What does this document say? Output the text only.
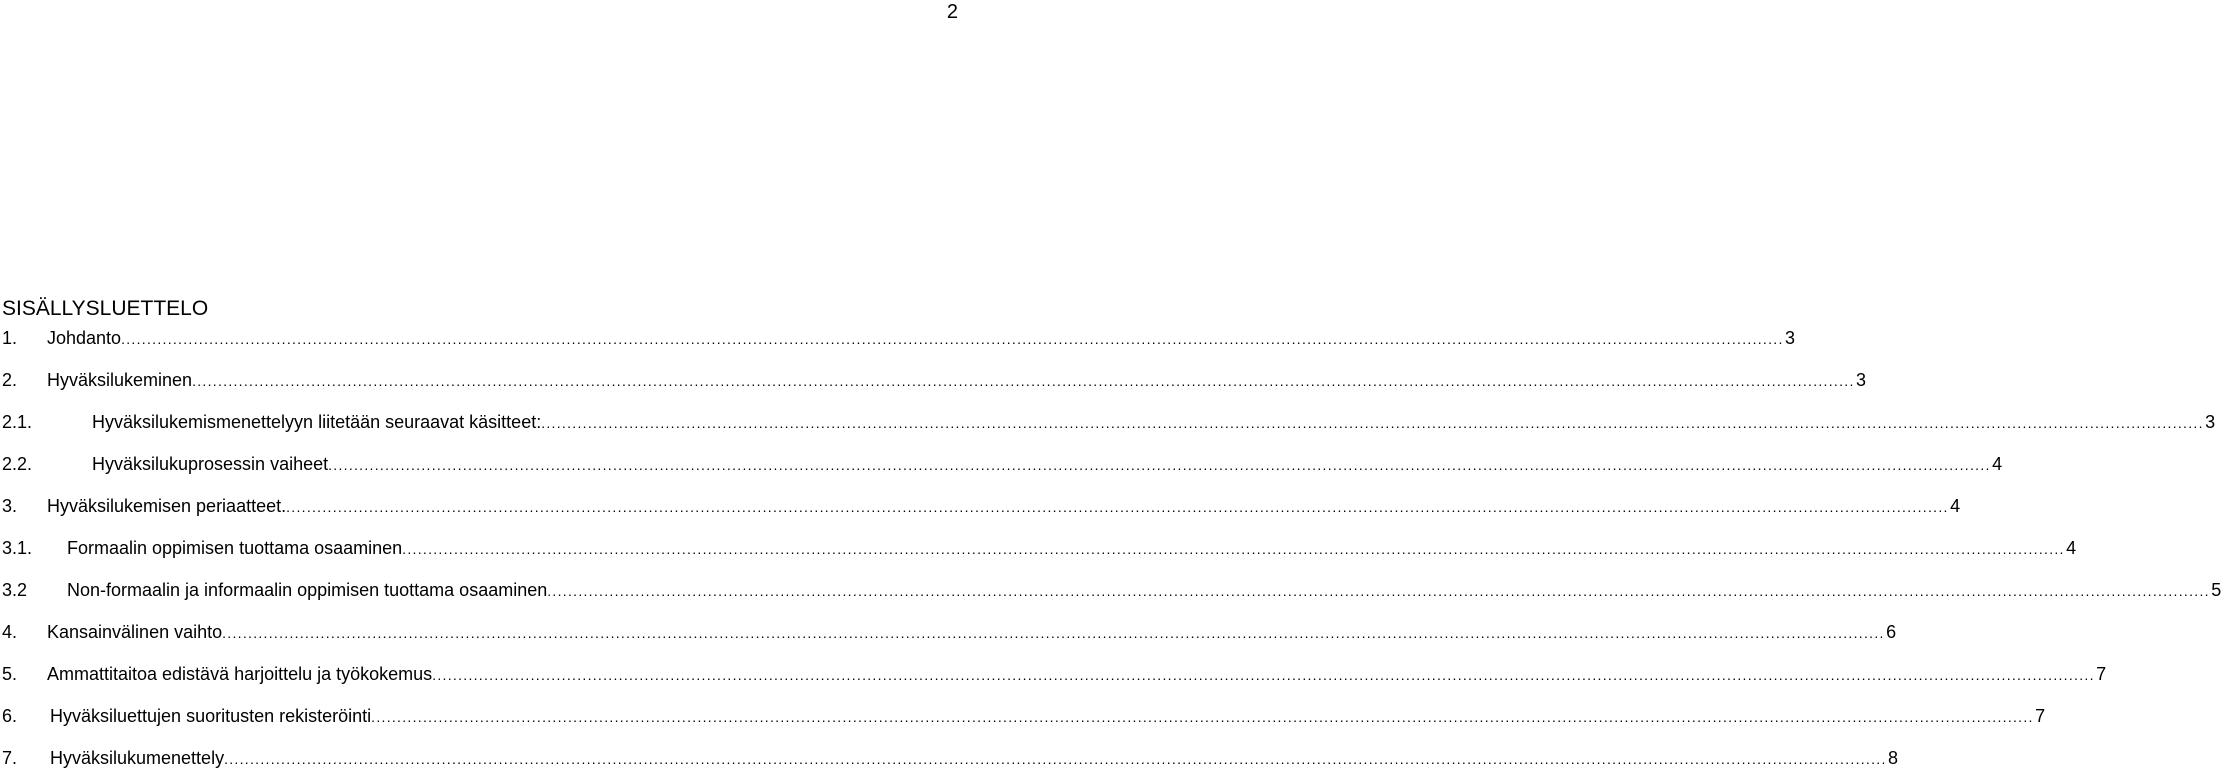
2
SISÄLLYSLUETTELO
1.	Johdanto . . .	3
2.	Hyväksilukeminen . . .	3
2.1.	Hyväksilukemismenettelyyn liitetään seuraavat käsitteet: . . .	3
2.2.	Hyväksilukuprosessin vaiheet . . .	4
3.	Hyväksilukemisen periaatteet. . . .	4
3.1.	Formaalin oppimisen tuottama osaaminen . . .	4
3.2	Non-formaalin ja informaalin oppimisen tuottama osaaminen . . .	5
4.	Kansainvälinen vaihto . . .	6
5.	Ammattitaitoa edistävä harjoittelu ja työkokemus . . .	7
6.	Hyväksiluettujen suoritusten rekisteröinti . . .	7
7.	Hyväksilukumenettely . . .	8
